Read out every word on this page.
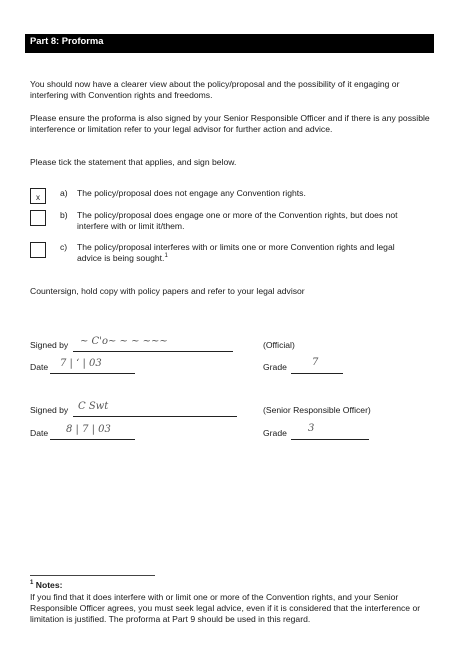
Part 8: Proforma

You should now have a clearer view about the policy/proposal and the possibility of it engaging or interfering with Convention rights and freedoms.

Please ensure the proforma is also signed by your Senior Responsible Officer and if there is any possible interference or limitation refer to your legal advisor for further action and advice.

Please tick the statement that applies, and sign below.

x	a) The policy/proposal does not engage any Convention rights.
b) The policy/proposal does engage one or more of the Convention rights, but does not interfere with or limit it/them.
c) The policy/proposal interferes with or limits one or more Convention rights and legal advice is being sought.$^1$

Countersign, hold copy with policy papers and refer to your legal advisor

Signed by ~ C'o~ ~ ~ ~~~	(Official)
Date 7 | ‘ | 03	Grade	7
Signed by C Swt	(Senior Responsible Officer)
Date 8 | 7 | 03	Grade 3
$^1$ Notes:

If you find that it does interfere with or limit one or more of the Convention rights, and your Senior Responsible Officer agrees, you must seek legal advice, even if it is considered that the interference or limitation is justified. The proforma at Part 9 should be used in this regard.
